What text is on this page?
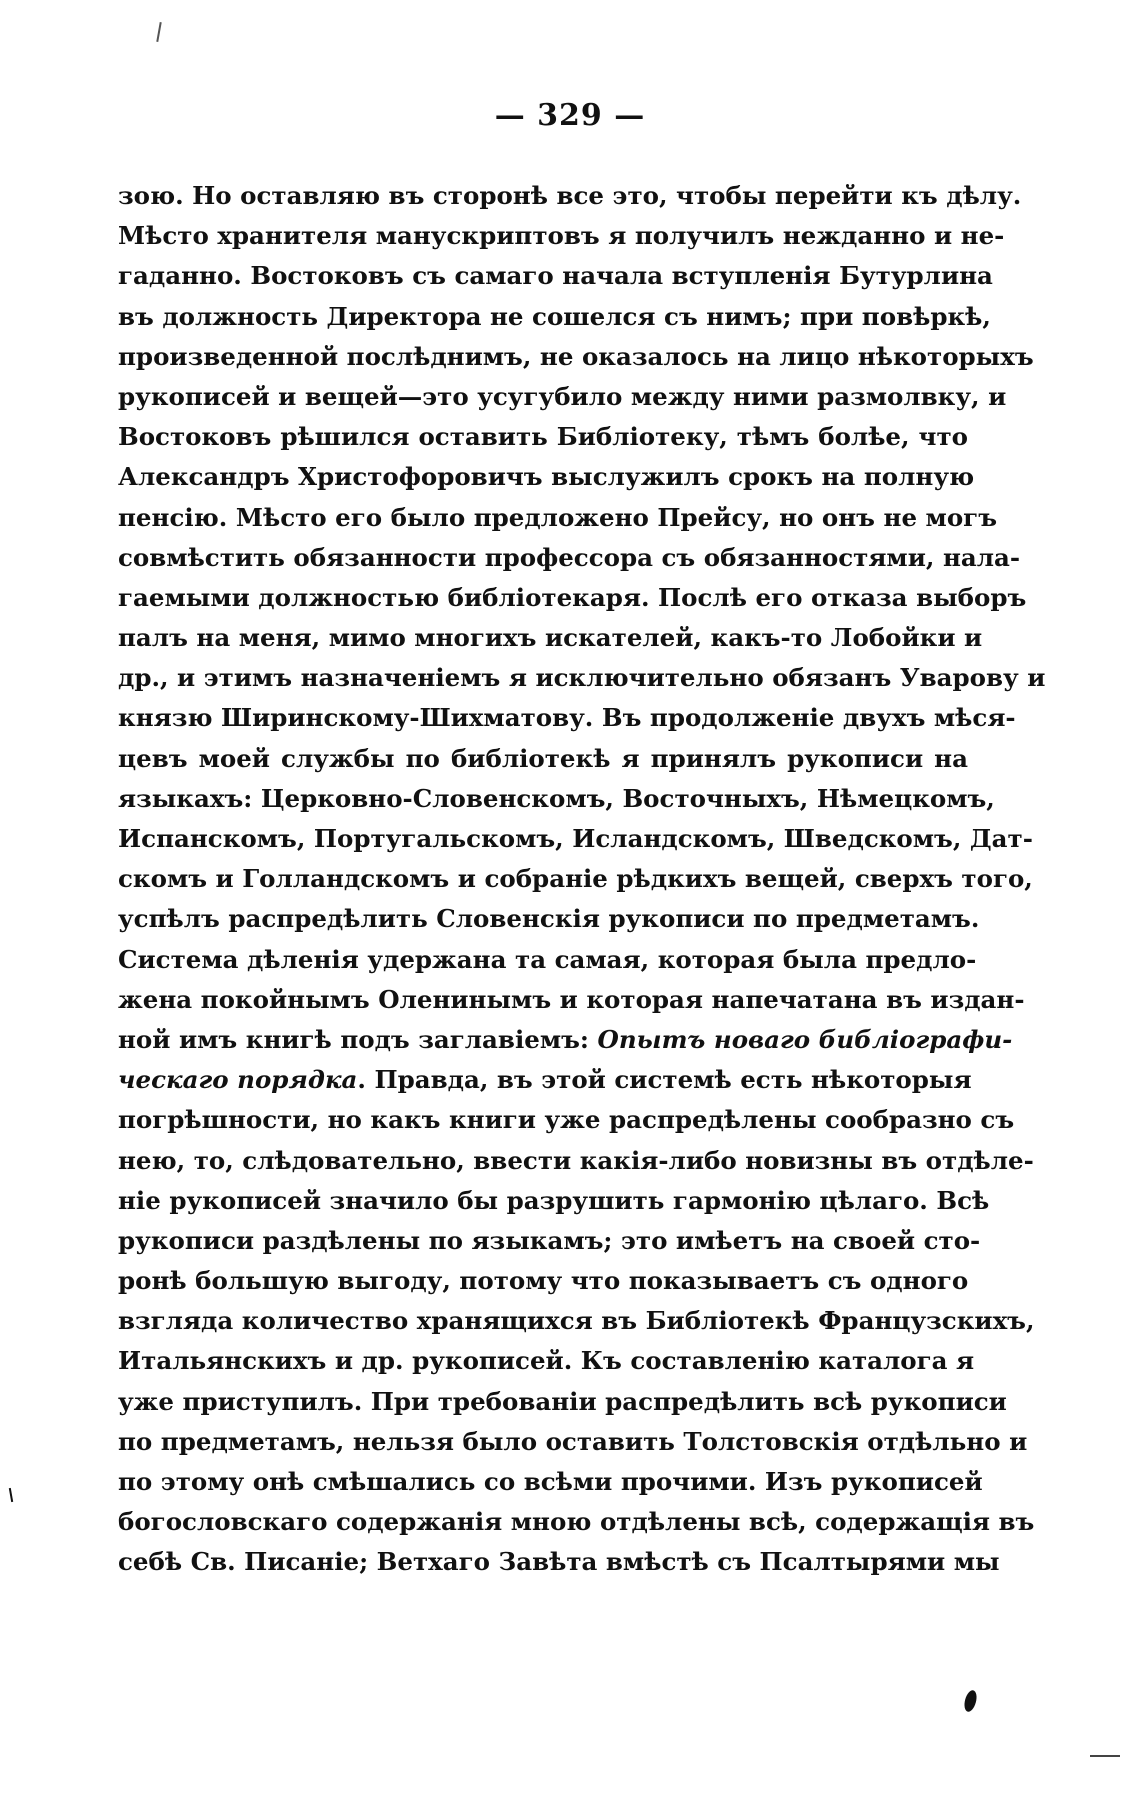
— 329 —
зою. Но оставляю въ сторонѣ все это, чтобы перейти къ дѣлу.
Мѣсто хранителя манускриптовъ я получилъ нежданно и не-
гаданно. Востоковъ съ самаго начала вступленія Бутурлина
въ должность Директора не сошелся съ нимъ; при повѣркѣ,
произведенной послѣднимъ, не оказалось на лицо нѣкоторыхъ
рукописей и вещей—это усугубило между ними размолвку, и
Востоковъ рѣшился оставить Библіотеку, тѣмъ болѣе, что
Александръ Христофоровичъ выслужилъ срокъ на полную
пенсію. Мѣсто его было предложено Прейсу, но онъ не могъ
совмѣстить обязанности профессора съ обязанностями, нала-
гаемыми должностью библіотекаря. Послѣ его отказа выборъ
палъ на меня, мимо многихъ искателей, какъ-то Лобойки и
др., и этимъ назначеніемъ я исключительно обязанъ Уварову и
князю Ширинскому-Шихматову. Въ продолженіе двухъ мѣся-
цевъ моей службы по библіотекѣ я принялъ рукописи на
языкахъ: Церковно-Словенскомъ, Восточныхъ, Нѣмецкомъ,
Испанскомъ, Португальскомъ, Исландскомъ, Шведскомъ, Дат-
скомъ и Голландскомъ и собраніе рѣдкихъ вещей, сверхъ того,
успѣлъ распредѣлить Словенскія рукописи по предметамъ.
Система дѣленія удержана та самая, которая была предло-
жена покойнымъ Оленинымъ и которая напечатана въ издан-
ной имъ книгѣ подъ заглавіемъ: Опытъ новаго библіографи-
ческаго порядка. Правда, въ этой системѣ есть нѣкоторыя
погрѣшности, но какъ книги уже распредѣлены сообразно съ
нею, то, слѣдовательно, ввести какія-либо новизны въ отдѣле-
ніе рукописей значило бы разрушить гармонію цѣлаго. Всѣ
рукописи раздѣлены по языкамъ; это имѣетъ на своей сто-
ронѣ большую выгоду, потому что показываетъ съ одного
взгляда количество хранящихся въ Библіотекѣ Французскихъ,
Итальянскихъ и др. рукописей. Къ составленію каталога я
уже приступилъ. При требованіи распредѣлить всѣ рукописи
по предметамъ, нельзя было оставить Толстовскія отдѣльно и
по этому онѣ смѣшались со всѣми прочими. Изъ рукописей
богословскаго содержанія мною отдѣлены всѣ, содержащія въ
себѣ Св. Писаніе; Ветхаго Завѣта вмѣстѣ съ Псалтырями мы
